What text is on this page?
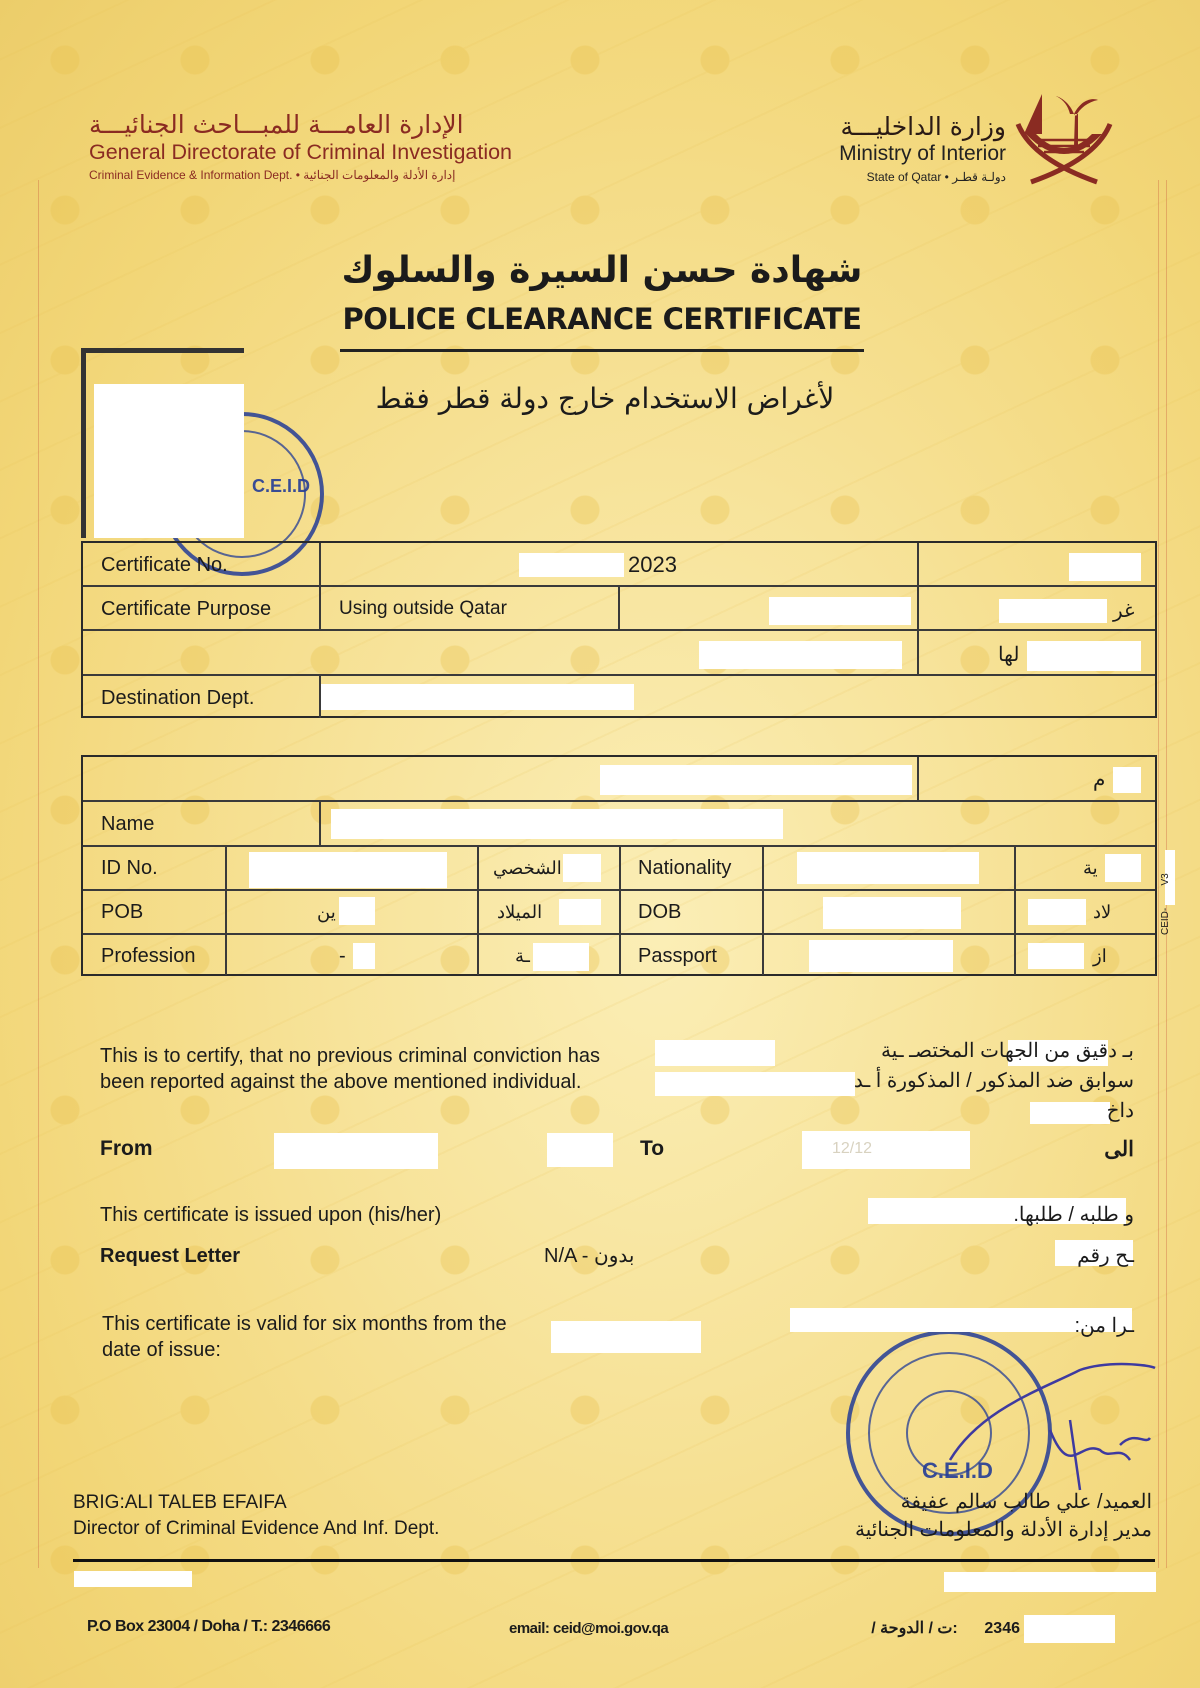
الإدارة العامـــة للمبـــاحث الجنائيـــة
General Directorate of Criminal Investigation
Criminal Evidence & Information Dept. • إدارة الأدلة والمعلومات الجنائية
وزارة الداخليـــة
Ministry of Interior
State of Qatar • دولـة قطـر
شهادة حسن السيرة والسلوك
POLICE CLEARANCE CERTIFICATE
لأغراض الاستخدام خارج دولة قطر فقط
C.E.I.D
Certificate No.	2023
Certificate Purpose	Using outside Qatar	غر
لها
Destination Dept.
م
Name
ID No.	الشخصي	Nationality	ية
POB	ين	الميلاد	DOB	لاد
Profession	-	ـة	Passport	از
CEID-        V3
This is to certify, that no previous criminal conviction has been reported against the above mentioned individual.
بـ دقيق من الجهات المختصـ ـية
سوابق ضد المذكور / المذكورة أ ـد
داخ
From	To	12/12	الى
This certificate is issued upon (his/her)	و طلبه / طلبها.
Request Letter	N/A - بدون	ـح رقم
This certificate is valid for six months from the date of issue:
ـرا من:
C.E.I.D
BRIG:ALI TALEB EFAIFA
Director of Criminal Evidence And Inf. Dept.
العميد/ علي طالب سالم عفيفة
مدير إدارة الأدلة والمعلومات الجنائية
P.O Box 23004 / Doha / T.: 2346666	email: ceid@moi.gov.qa	2346      :ت / الدوحة /
